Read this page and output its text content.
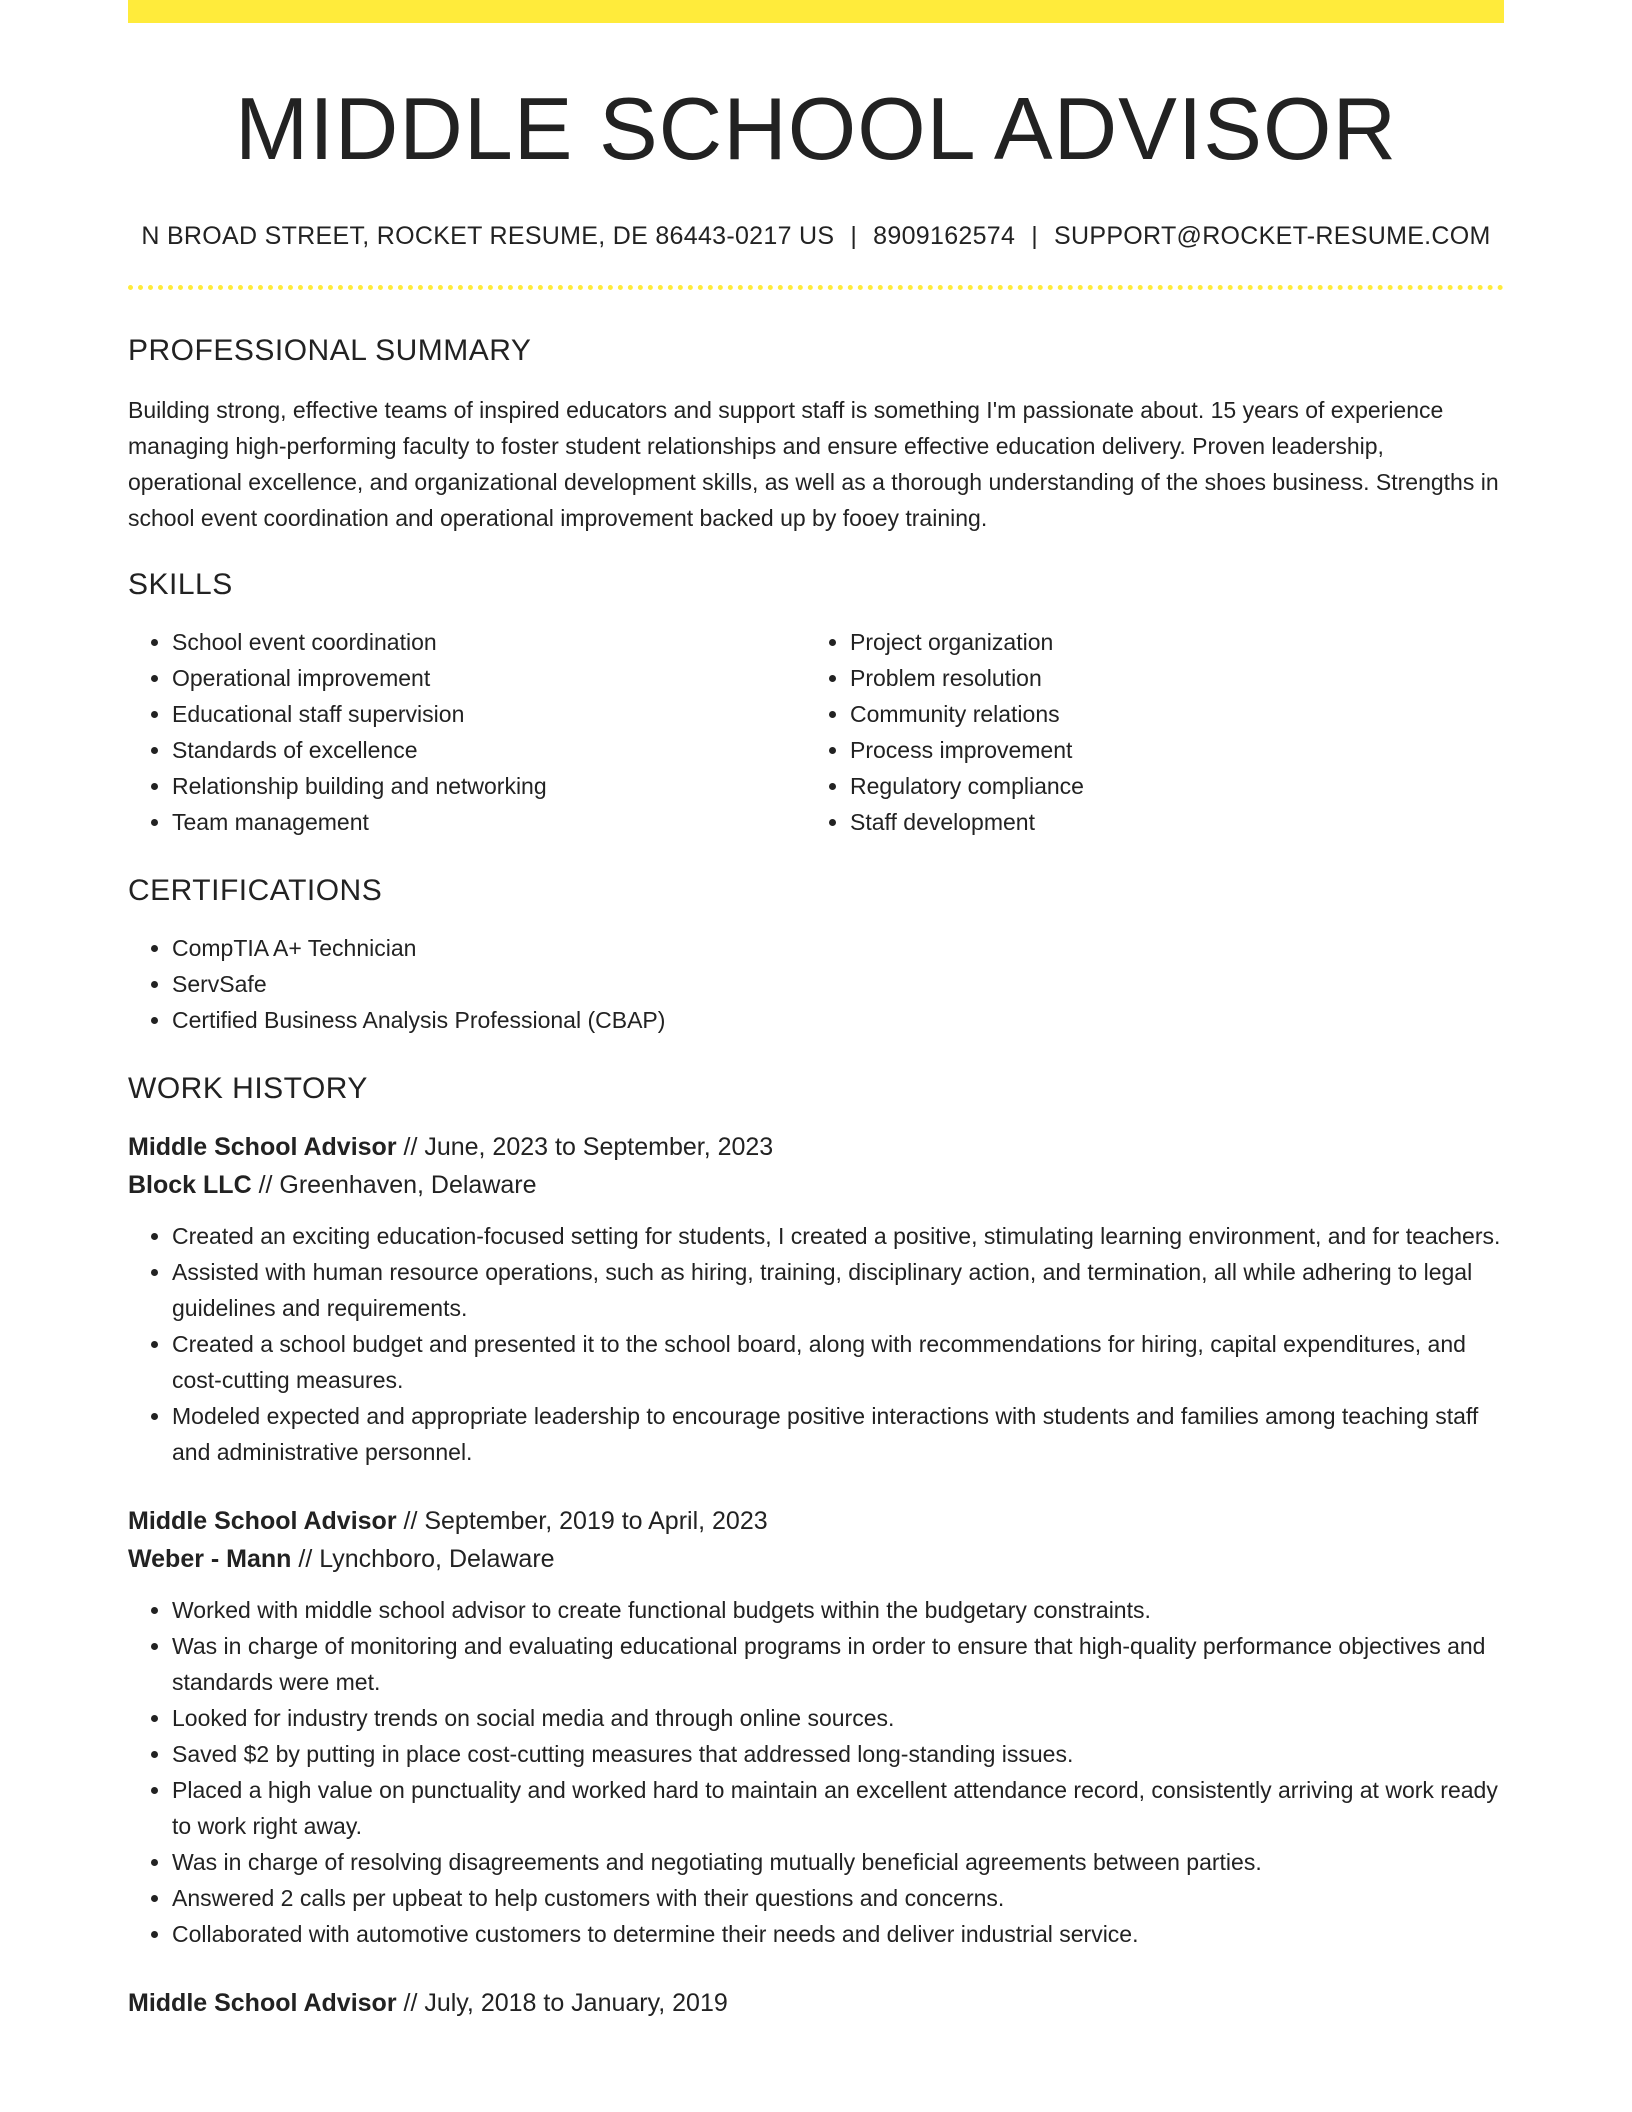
MIDDLE SCHOOL ADVISOR
N BROAD STREET, ROCKET RESUME, DE 86443-0217 US | 8909162574 | SUPPORT@ROCKET-RESUME.COM
PROFESSIONAL SUMMARY

Building strong, effective teams of inspired educators and support staff is something I'm passionate about. 15 years of experience managing high-performing faculty to foster student relationships and ensure effective education delivery. Proven leadership, operational excellence, and organizational development skills, as well as a thorough understanding of the shoes business. Strengths in school event coordination and operational improvement backed up by fooey training.

SKILLS
• School event coordination
• Operational improvement
• Educational staff supervision
• Standards of excellence
• Relationship building and networking
• Team management
• Project organization
• Problem resolution
• Community relations
• Process improvement
• Regulatory compliance
• Staff development
CERTIFICATIONS
• CompTIA A+ Technician
• ServSafe
• Certified Business Analysis Professional (CBAP)
WORK HISTORY
Middle School Advisor // June, 2023 to September, 2023
Block LLC // Greenhaven, Delaware
• Created an exciting education-focused setting for students, I created a positive, stimulating learning environment, and for teachers.
• Assisted with human resource operations, such as hiring, training, disciplinary action, and termination, all while adhering to legal guidelines and requirements.
• Created a school budget and presented it to the school board, along with recommendations for hiring, capital expenditures, and cost-cutting measures.
• Modeled expected and appropriate leadership to encourage positive interactions with students and families among teaching staff and administrative personnel.
Middle School Advisor // September, 2019 to April, 2023
Weber - Mann // Lynchboro, Delaware
• Worked with middle school advisor to create functional budgets within the budgetary constraints.
• Was in charge of monitoring and evaluating educational programs in order to ensure that high-quality performance objectives and standards were met.
• Looked for industry trends on social media and through online sources.
• Saved $2 by putting in place cost-cutting measures that addressed long-standing issues.
• Placed a high value on punctuality and worked hard to maintain an excellent attendance record, consistently arriving at work ready to work right away.
• Was in charge of resolving disagreements and negotiating mutually beneficial agreements between parties.
• Answered 2 calls per upbeat to help customers with their questions and concerns.
• Collaborated with automotive customers to determine their needs and deliver industrial service.
Middle School Advisor // July, 2018 to January, 2019
